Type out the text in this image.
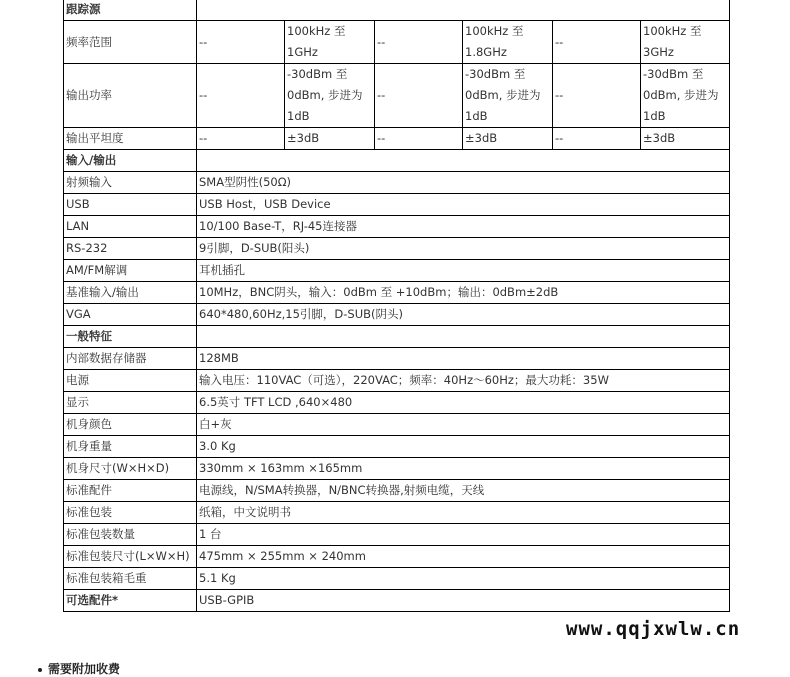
跟踪源						
频率范围	--	100kHz 至 1GHz	--	100kHz 至 1.8GHz	--	100kHz 至 3GHz
输出功率	--	-30dBm 至 0dBm, 步进为1dB	--	-30dBm 至 0dBm, 步进为1dB	--	-30dBm 至 0dBm, 步进为1dB
输出平坦度	--	±3dB	--	±3dB	--	±3dB
输入/输出						
射频输入	SMA型阴性(50Ω)					
USB	USB Host，USB Device					
LAN	10/100 Base-T，RJ-45连接器					
RS-232	9引脚，D-SUB(阳头)					
AM/FM解调	耳机插孔					
基准输入/输出	10MHz，BNC阴头，输入：0dBm 至 +10dBm；输出：0dBm±2dB					
VGA	640*480,60Hz,15引脚，D-SUB(阴头)					
一般特征						
内部数据存储器	128MB					
电源	输入电压：110VAC（可选），220VAC；频率：40Hz～60Hz；最大功耗：35W					
显示	6.5英寸 TFT LCD ,640×480					
机身颜色	白+灰					
机身重量	3.0 Kg					
机身尺寸(W×H×D)	330mm × 163mm ×165mm					
标准配件	电源线，N/SMA转换器，N/BNC转换器,射频电缆，天线					
标准包装	纸箱，中文说明书					
标准包装数量	1 台					
标准包装尺寸(L×W×H)	475mm × 255mm × 240mm					
标准包装箱毛重	5.1 Kg					
可选配件*	USB-GPIB					
www.qqjxwlw.cn
需要附加收费
